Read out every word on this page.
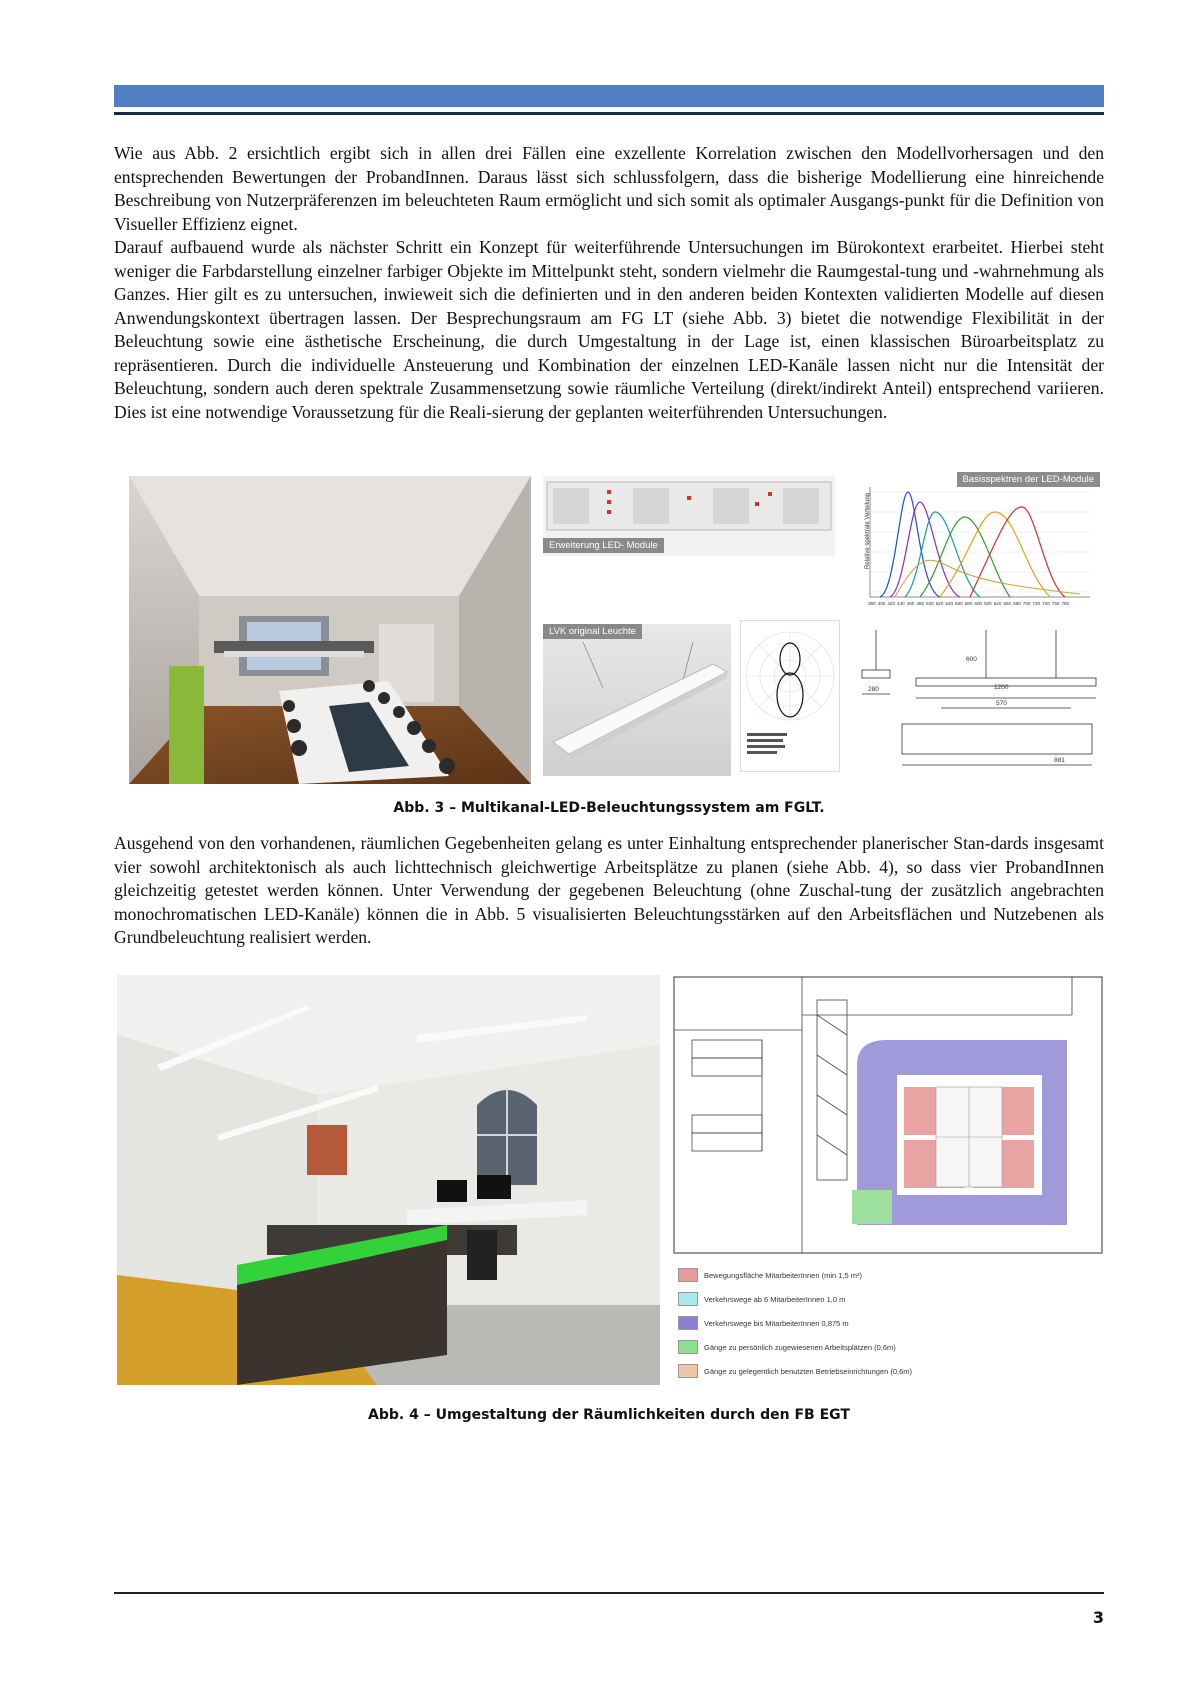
Wie aus Abb. 2 ersichtlich ergibt sich in allen drei Fällen eine exzellente Korrelation zwischen den Modellvorhersagen und den entsprechenden Bewertungen der ProbandInnen. Daraus lässt sich schlussfolgern, dass die bisherige Modellierung eine hinreichende Beschreibung von Nutzerpräferenzen im beleuchteten Raum ermöglicht und sich somit als optimaler Ausgangs-punkt für die Definition von Visueller Effizienz eignet.

Darauf aufbauend wurde als nächster Schritt ein Konzept für weiterführende Untersuchungen im Bürokontext erarbeitet. Hierbei steht weniger die Farbdarstellung einzelner farbiger Objekte im Mittelpunkt steht, sondern vielmehr die Raumgestal-tung und -wahrnehmung als Ganzes. Hier gilt es zu untersuchen, inwieweit sich die definierten und in den anderen beiden Kontexten validierten Modelle auf diesen Anwendungskontext übertragen lassen. Der Besprechungsraum am FG LT (siehe Abb. 3) bietet die notwendige Flexibilität in der Beleuchtung sowie eine ästhetische Erscheinung, die durch Umgestaltung in der Lage ist, einen klassischen Büroarbeitsplatz zu repräsentieren. Durch die individuelle Ansteuerung und Kombination der einzelnen LED-Kanäle lassen nicht nur die Intensität der Beleuchtung, sondern auch deren spektrale Zusammensetzung sowie räumliche Verteilung (direkt/indirekt Anteil) entsprechend variieren. Dies ist eine notwendige Voraussetzung für die Reali-sierung der geplanten weiterführenden Untersuchungen.

Erweiterung LED- Module
Basisspektren der LED-Module
Relative spektrale Verteilung
380 400 420 440 460 480 500 520 540 560 580 600 620 640 660 680 700 720 740 760 780
LVK original Leuchte
1200
570
881
600
280
Abb. 3 – Multikanal-LED-Beleuchtungssystem am FGLT.

Ausgehend von den vorhandenen, räumlichen Gegebenheiten gelang es unter Einhaltung entsprechender planerischer Stan-dards insgesamt vier sowohl architektonisch als auch lichttechnisch gleichwertige Arbeitsplätze zu planen (siehe Abb. 4), so dass vier ProbandInnen gleichzeitig getestet werden können. Unter Verwendung der gegebenen Beleuchtung (ohne Zuschal-tung der zusätzlich angebrachten monochromatischen LED-Kanäle) können die in Abb. 5 visualisierten Beleuchtungsstärken auf den Arbeitsflächen und Nutzebenen als Grundbeleuchtung realisiert werden.

Bewegungsfläche MitarbeiterInnen (min 1,5 m²)
Verkehrswege ab 6 MitarbeiterInnen 1,0 m
Verkehrswege bis MitarbeiterInnen 0,875 m
Gänge zu persönlich zugewiesenen Arbeitsplätzen (0,6m)
Gänge zu gelegentlich benutzten Betriebseinrichtungen (0,6m)
Abb. 4 – Umgestaltung der Räumlichkeiten durch den FB EGT
3
